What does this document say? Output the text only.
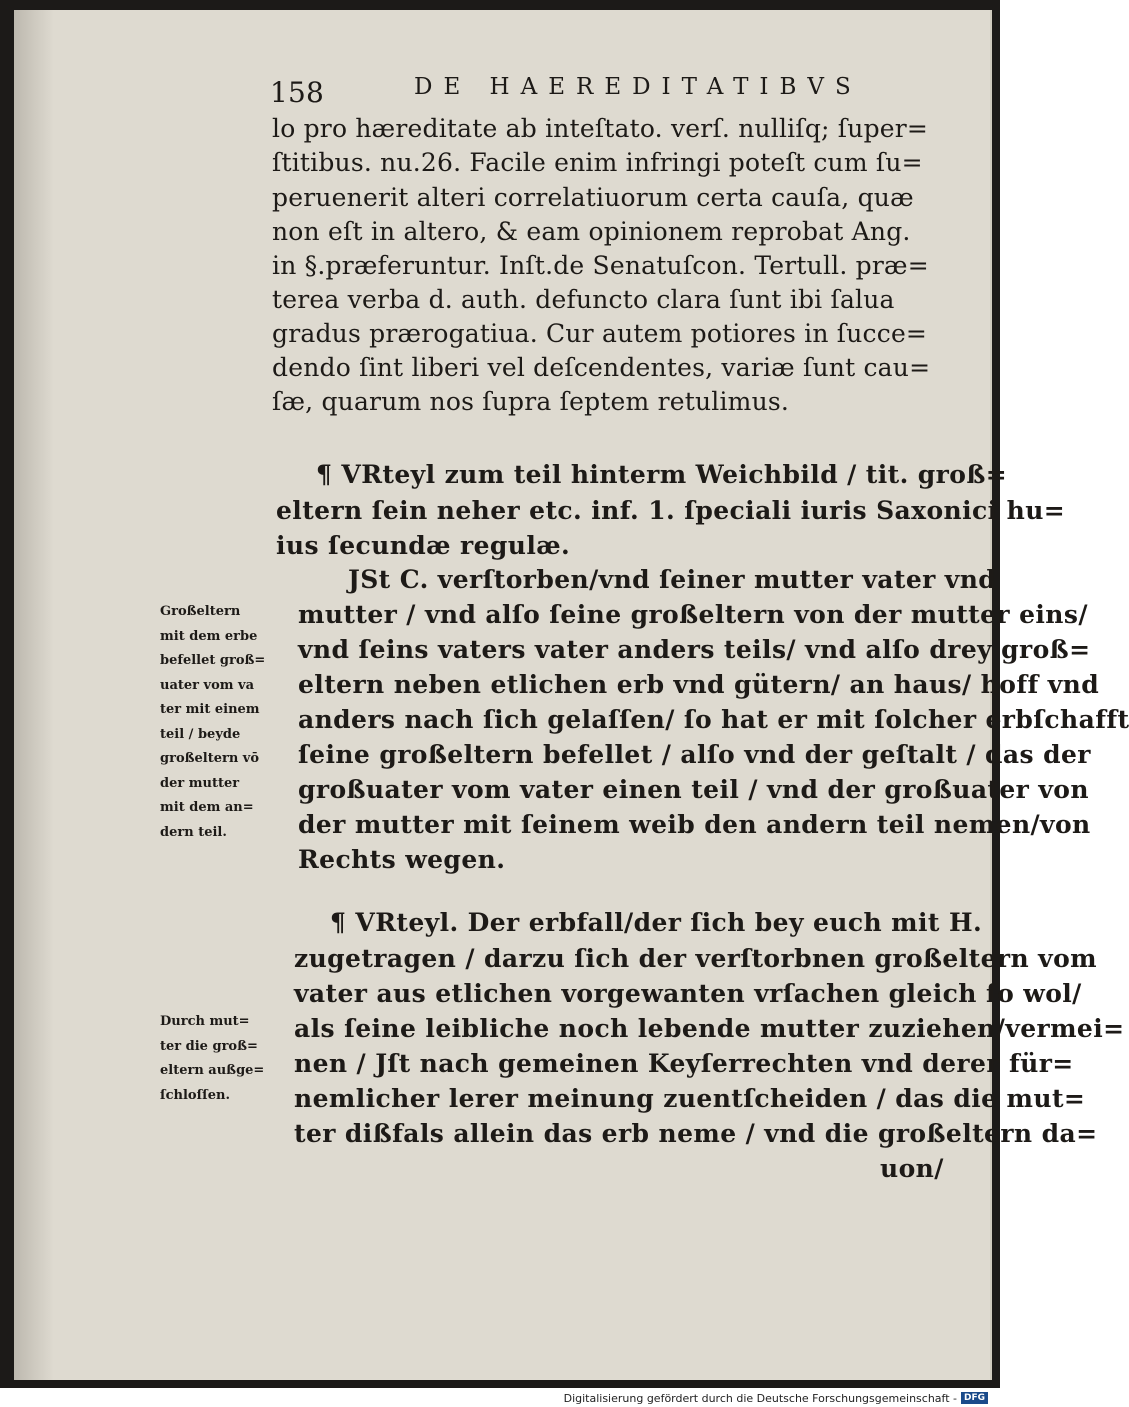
158	DE HAEREDITATIBVS
lo pro hæreditate ab inteſtato. verſ. nulliſq; ſuper=
ſtitibus. nu.26. Facile enim infringi poteſt cum ſu=
peruenerit alteri correlatiuorum certa cauſa, quæ
non eſt in altero, & eam opinionem reprobat Ang.
in §.præferuntur. Inſt.de Senatuſcon. Tertull. præ=
terea verba d. auth. defuncto clara ſunt ibi ſalua
gradus prærogatiua. Cur autem potiores in ſucce=
dendo ſint liberi vel deſcendentes, variæ ſunt cau=
ſæ, quarum nos ſupra ſeptem retulimus.
¶ VRteyl zum teil hinterm Weichbild / tit. groß=
eltern ſein neher etc. inf. 1. ſpeciali iuris Saxonici hu=
ius ſecundæ regulæ.
JSt C. verſtorben/vnd ſeiner mutter vater vnd
mutter / vnd alſo ſeine großeltern von der mutter eins/
vnd ſeins vaters vater anders teils/ vnd alſo drey groß=
eltern neben etlichen erb vnd gütern/ an haus/ hoff vnd
anders nach ſich gelaſſen/ ſo hat er mit ſolcher erbſchafft
ſeine großeltern befellet / alſo vnd der geſtalt / das der
großuater vom vater einen teil / vnd der großuater von
der mutter mit ſeinem weib den andern teil nemen/von
Rechts wegen.
Großeltern
mit dem erbe
befellet groß=
uater vom va
ter mit einem
teil / beyde
großeltern vō
der mutter
mit dem an=
dern teil.
¶ VRteyl. Der erbfall/der ſich bey euch mit H.
zugetragen / darzu ſich der verſtorbnen großeltern vom
vater aus etlichen vorgewanten vrſachen gleich ſo wol/
als ſeine leibliche noch lebende mutter zuziehen/vermei=
nen / Jſt nach gemeinen Keyſerrechten vnd derer für=
nemlicher lerer meinung zuentſcheiden / das die mut=
ter dißfals allein das erb neme / vnd die großeltern da=
uon/
Durch mut=
ter die groß=
eltern außge=
ſchloſſen.
Digitalisierung gefördert durch die Deutsche Forschungsgemeinschaft - DFG
